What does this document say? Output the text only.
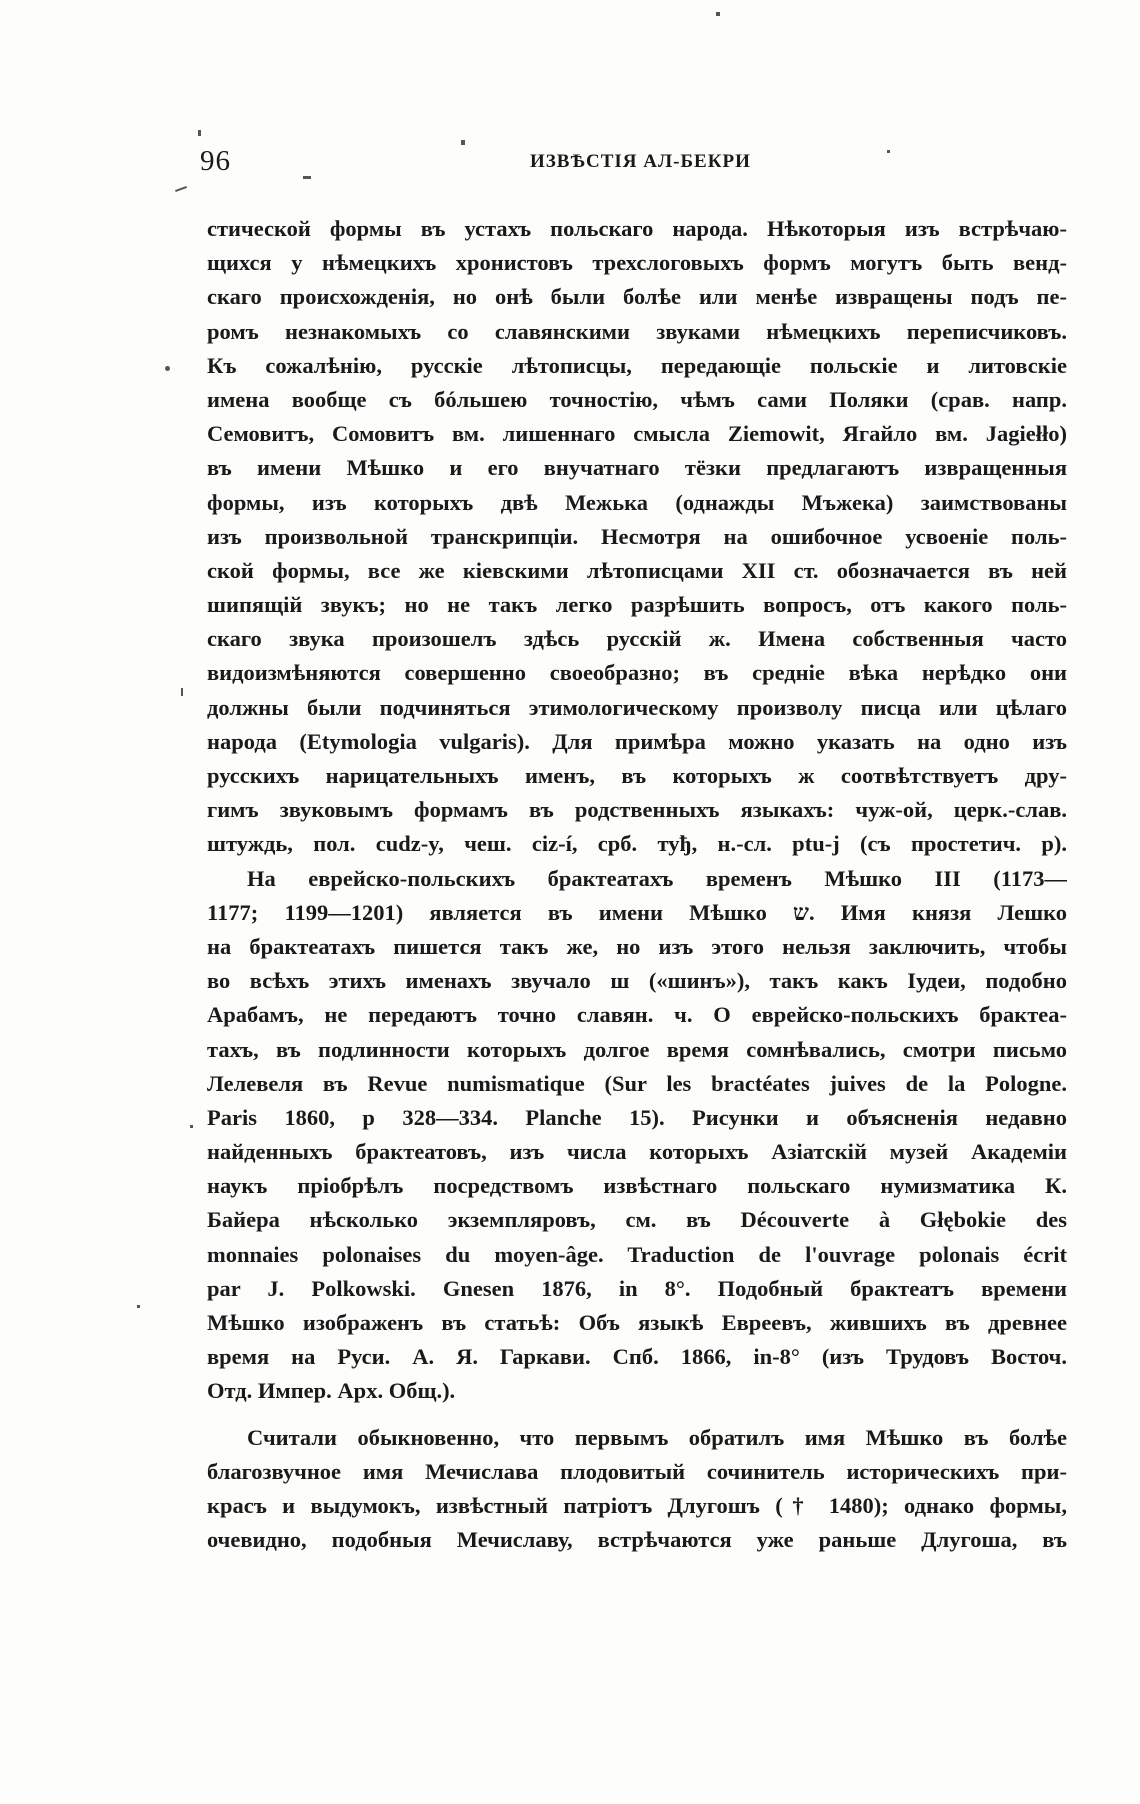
96	ИЗВѢСТІЯ АЛ-БЕКРИ
стической формы въ устахъ польскаго народа. Нѣкоторыя изъ встрѣчаю-
щихся у нѣмецкихъ хронистовъ трехслоговыхъ формъ могутъ быть венд-
скаго происхожденія, но онѣ были болѣе или менѣе извращены подъ пе-
ромъ незнакомыхъ со славянскими звуками нѣмецкихъ переписчиковъ.
Къ сожалѣнію, русскіе лѣтописцы, передающіе польскіе и литовскіе
имена вообще съ бóльшею точностію, чѣмъ сами Поляки (срав. напр.
Семовитъ, Сомовитъ вм. лишеннаго смысла Ziemowit, Ягайло вм. Jagiełło)
въ имени Мѣшко и его внучатнаго тёзки предлагаютъ извращенныя
формы, изъ которыхъ двѣ Межька (однажды Мъжека) заимствованы
изъ произвольной транскрипціи. Несмотря на ошибочное усвоеніе поль-
ской формы, все же кіевскими лѣтописцами XII ст. обозначается въ ней
шипящій звукъ; но не такъ легко разрѣшить вопросъ, отъ какого поль-
скаго звука произошелъ здѣсь русскій ж. Имена собственныя часто
видоизмѣняются совершенно своеобразно; въ средніе вѣка нерѣдко они
должны были подчиняться этимологическому произволу писца или цѣлаго
народа (Etymologia vulgaris). Для примѣра можно указать на одно изъ
русскихъ нарицательныхъ именъ, въ которыхъ ж соотвѣтствуетъ дру-
гимъ звуковымъ формамъ въ родственныхъ языкахъ: чуж-ой, церк.-слав.
штуждь, пол. cudz-y, чеш. ciz-í, срб. туђ, н.-сл. ptu-j (съ простетич. p).
На еврейско-польскихъ брактеатахъ временъ Мѣшко III (1173—
1177; 1199—1201) является въ имени Мѣшко ש. Имя князя Лешко
на брактеатахъ пишется такъ же, но изъ этого нельзя заключить, чтобы
во всѣхъ этихъ именахъ звучало ш («шинъ»), такъ какъ Іудеи, подобно
Арабамъ, не передаютъ точно славян. ч. О еврейско-польскихъ брактеа-
тахъ, въ подлинности которыхъ долгое время сомнѣвались, смотри письмо
Лелевеля въ Revue numismatique (Sur les bractéates juives de la Pologne.
Paris 1860, p 328—334. Planche 15). Рисунки и объясненія недавно
найденныхъ брактеатовъ, изъ числа которыхъ Азіатскій музей Академіи
наукъ пріобрѣлъ посредствомъ извѣстнаго польскаго нумизматика К.
Байера нѣсколько экземпляровъ, см. въ Découverte à Głębokie des
monnaies polonaises du moyen-âge. Traduction de l'ouvrage polonais écrit
par J. Polkowski. Gnesen 1876, in 8°. Подобный брактеатъ времени
Мѣшко изображенъ въ статьѣ: Объ языкѣ Евреевъ, жившихъ въ древнее
время на Руси. А. Я. Гаркави. Спб. 1866, in-8° (изъ Трудовъ Восточ.
Отд. Импер. Арх. Общ.).
Считали обыкновенно, что первымъ обратилъ имя Мѣшко въ болѣе
благозвучное имя Мечислава плодовитый сочинитель историческихъ при-
красъ и выдумокъ, извѣстный патріотъ Длугошъ († 1480); однако формы,
очевидно, подобныя Мечиславу, встрѣчаются уже раньше Длугоша, въ
